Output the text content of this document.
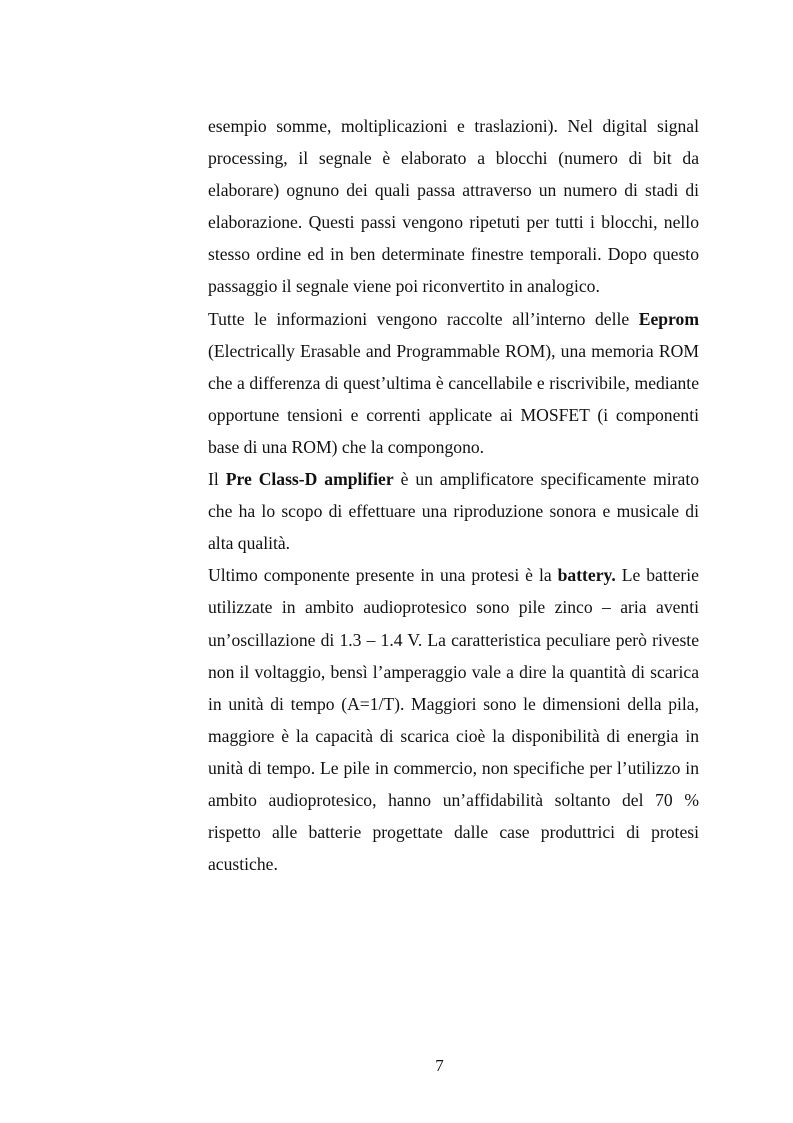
esempio somme, moltiplicazioni e traslazioni). Nel digital signal processing, il segnale è elaborato a blocchi (numero di bit da elaborare) ognuno dei quali passa attraverso un numero di stadi di elaborazione. Questi passi vengono ripetuti per tutti i blocchi, nello stesso ordine ed in ben determinate finestre temporali. Dopo questo passaggio il segnale viene poi riconvertito in analogico.

Tutte le informazioni vengono raccolte all’interno delle Eeprom (Electrically Erasable and Programmable ROM), una memoria ROM che a differenza di quest’ultima è cancellabile e riscrivibile, mediante opportune tensioni e correnti applicate ai MOSFET (i componenti base di una ROM) che la compongono.

Il Pre Class-D amplifier è un amplificatore specificamente mirato che ha lo scopo di effettuare una riproduzione sonora e musicale di alta qualità.

Ultimo componente presente in una protesi è la battery. Le batterie utilizzate in ambito audioprotesico sono pile zinco – aria aventi un’oscillazione di 1.3 – 1.4 V. La caratteristica peculiare però riveste non il voltaggio, bensì l’amperaggio vale a dire la quantità di scarica in unità di tempo (A=1/T). Maggiori sono le dimensioni della pila, maggiore è la capacità di scarica cioè la disponibilità di energia in unità di tempo. Le pile in commercio, non specifiche per l’utilizzo in ambito audioprotesico, hanno un’affidabilità soltanto del 70 % rispetto alle batterie progettate dalle case produttrici di protesi acustiche.

7
